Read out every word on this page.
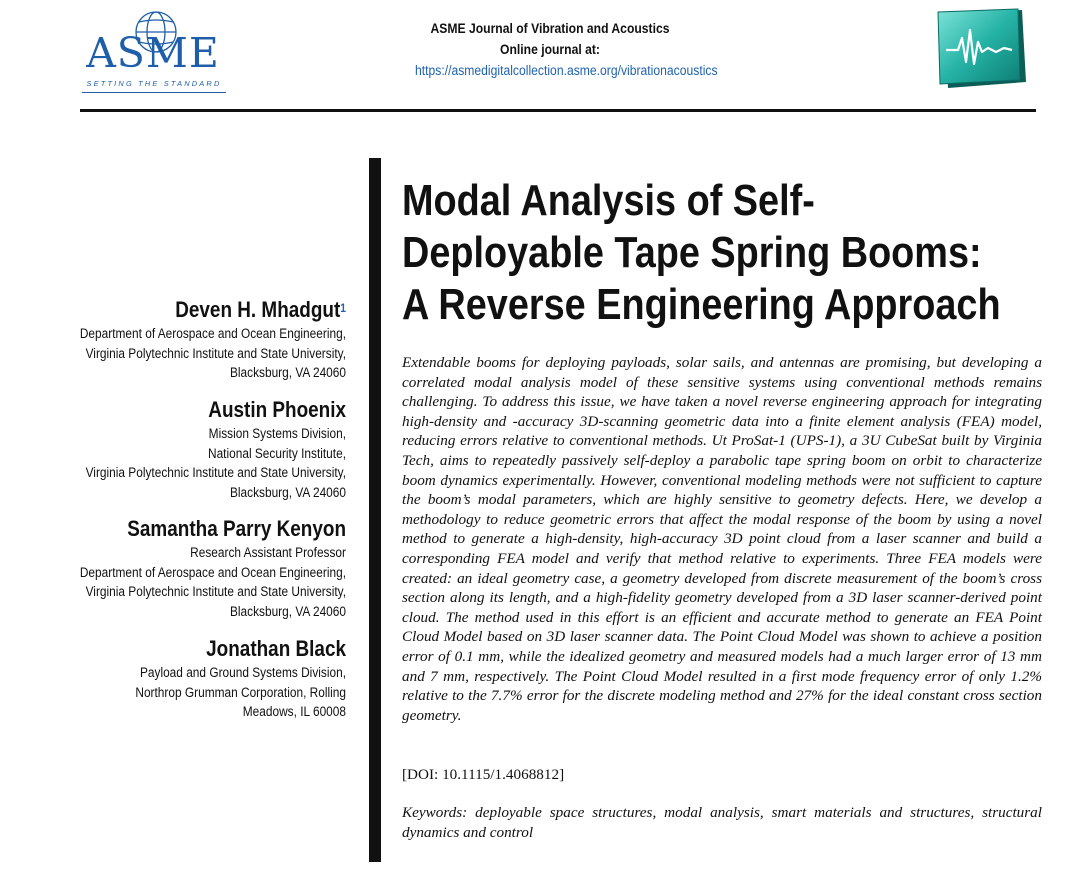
ASME
SETTING THE STANDARD
ASME Journal of Vibration and Acoustics
Online journal at:
https://asmedigitalcollection.asme.org/vibrationacoustics
Modal Analysis of Self-
Deployable Tape Spring Booms:
A Reverse Engineering Approach
Deven H. Mhadgut$^1$
Department of Aerospace and Ocean Engineering,
Virginia Polytechnic Institute and State University,
Blacksburg, VA 24060
Austin Phoenix
Mission Systems Division,
National Security Institute,
Virginia Polytechnic Institute and State University,
Blacksburg, VA 24060
Samantha Parry Kenyon
Research Assistant Professor
Department of Aerospace and Ocean Engineering,
Virginia Polytechnic Institute and State University,
Blacksburg, VA 24060
Jonathan Black
Payload and Ground Systems Division,
Northrop Grumman Corporation, Rolling
Meadows, IL 60008

Extendable booms for deploying payloads, solar sails, and antennas are promising, but developing a correlated modal analysis model of these sensitive systems using conventional methods remains challenging. To address this issue, we have taken a novel reverse engineering approach for integrating high-density and -accuracy 3D-scanning geometric data into a finite element analysis (FEA) model, reducing errors relative to conventional methods. Ut ProSat-1 (UPS-1), a 3U CubeSat built by Virginia Tech, aims to repeatedly passively self-deploy a parabolic tape spring boom on orbit to characterize boom dynamics experimentally. However, conventional modeling methods were not sufficient to capture the boom’s modal parameters, which are highly sensitive to geometry defects. Here, we develop a methodology to reduce geometric errors that affect the modal response of the boom by using a novel method to generate a high-density, high-accuracy 3D point cloud from a laser scanner and build a corresponding FEA model and verify that method relative to experiments. Three FEA models were created: an ideal geometry case, a geometry developed from discrete measurement of the boom’s cross section along its length, and a high-fidelity geometry developed from a 3D laser scanner-derived point cloud. The method used in this effort is an efficient and accurate method to generate an FEA Point Cloud Model based on 3D laser scanner data. The Point Cloud Model was shown to achieve a position error of 0.1 mm, while the idealized geometry and measured models had a much larger error of 13 mm and 7 mm, respectively. The Point Cloud Model resulted in a first mode frequency error of only 1.2% relative to the 7.7% error for the discrete modeling method and 27% for the ideal constant cross section geometry.

[DOI: 10.1115/1.4068812]
Keywords: deployable space structures, modal analysis, smart materials and structures, structural dynamics and control
